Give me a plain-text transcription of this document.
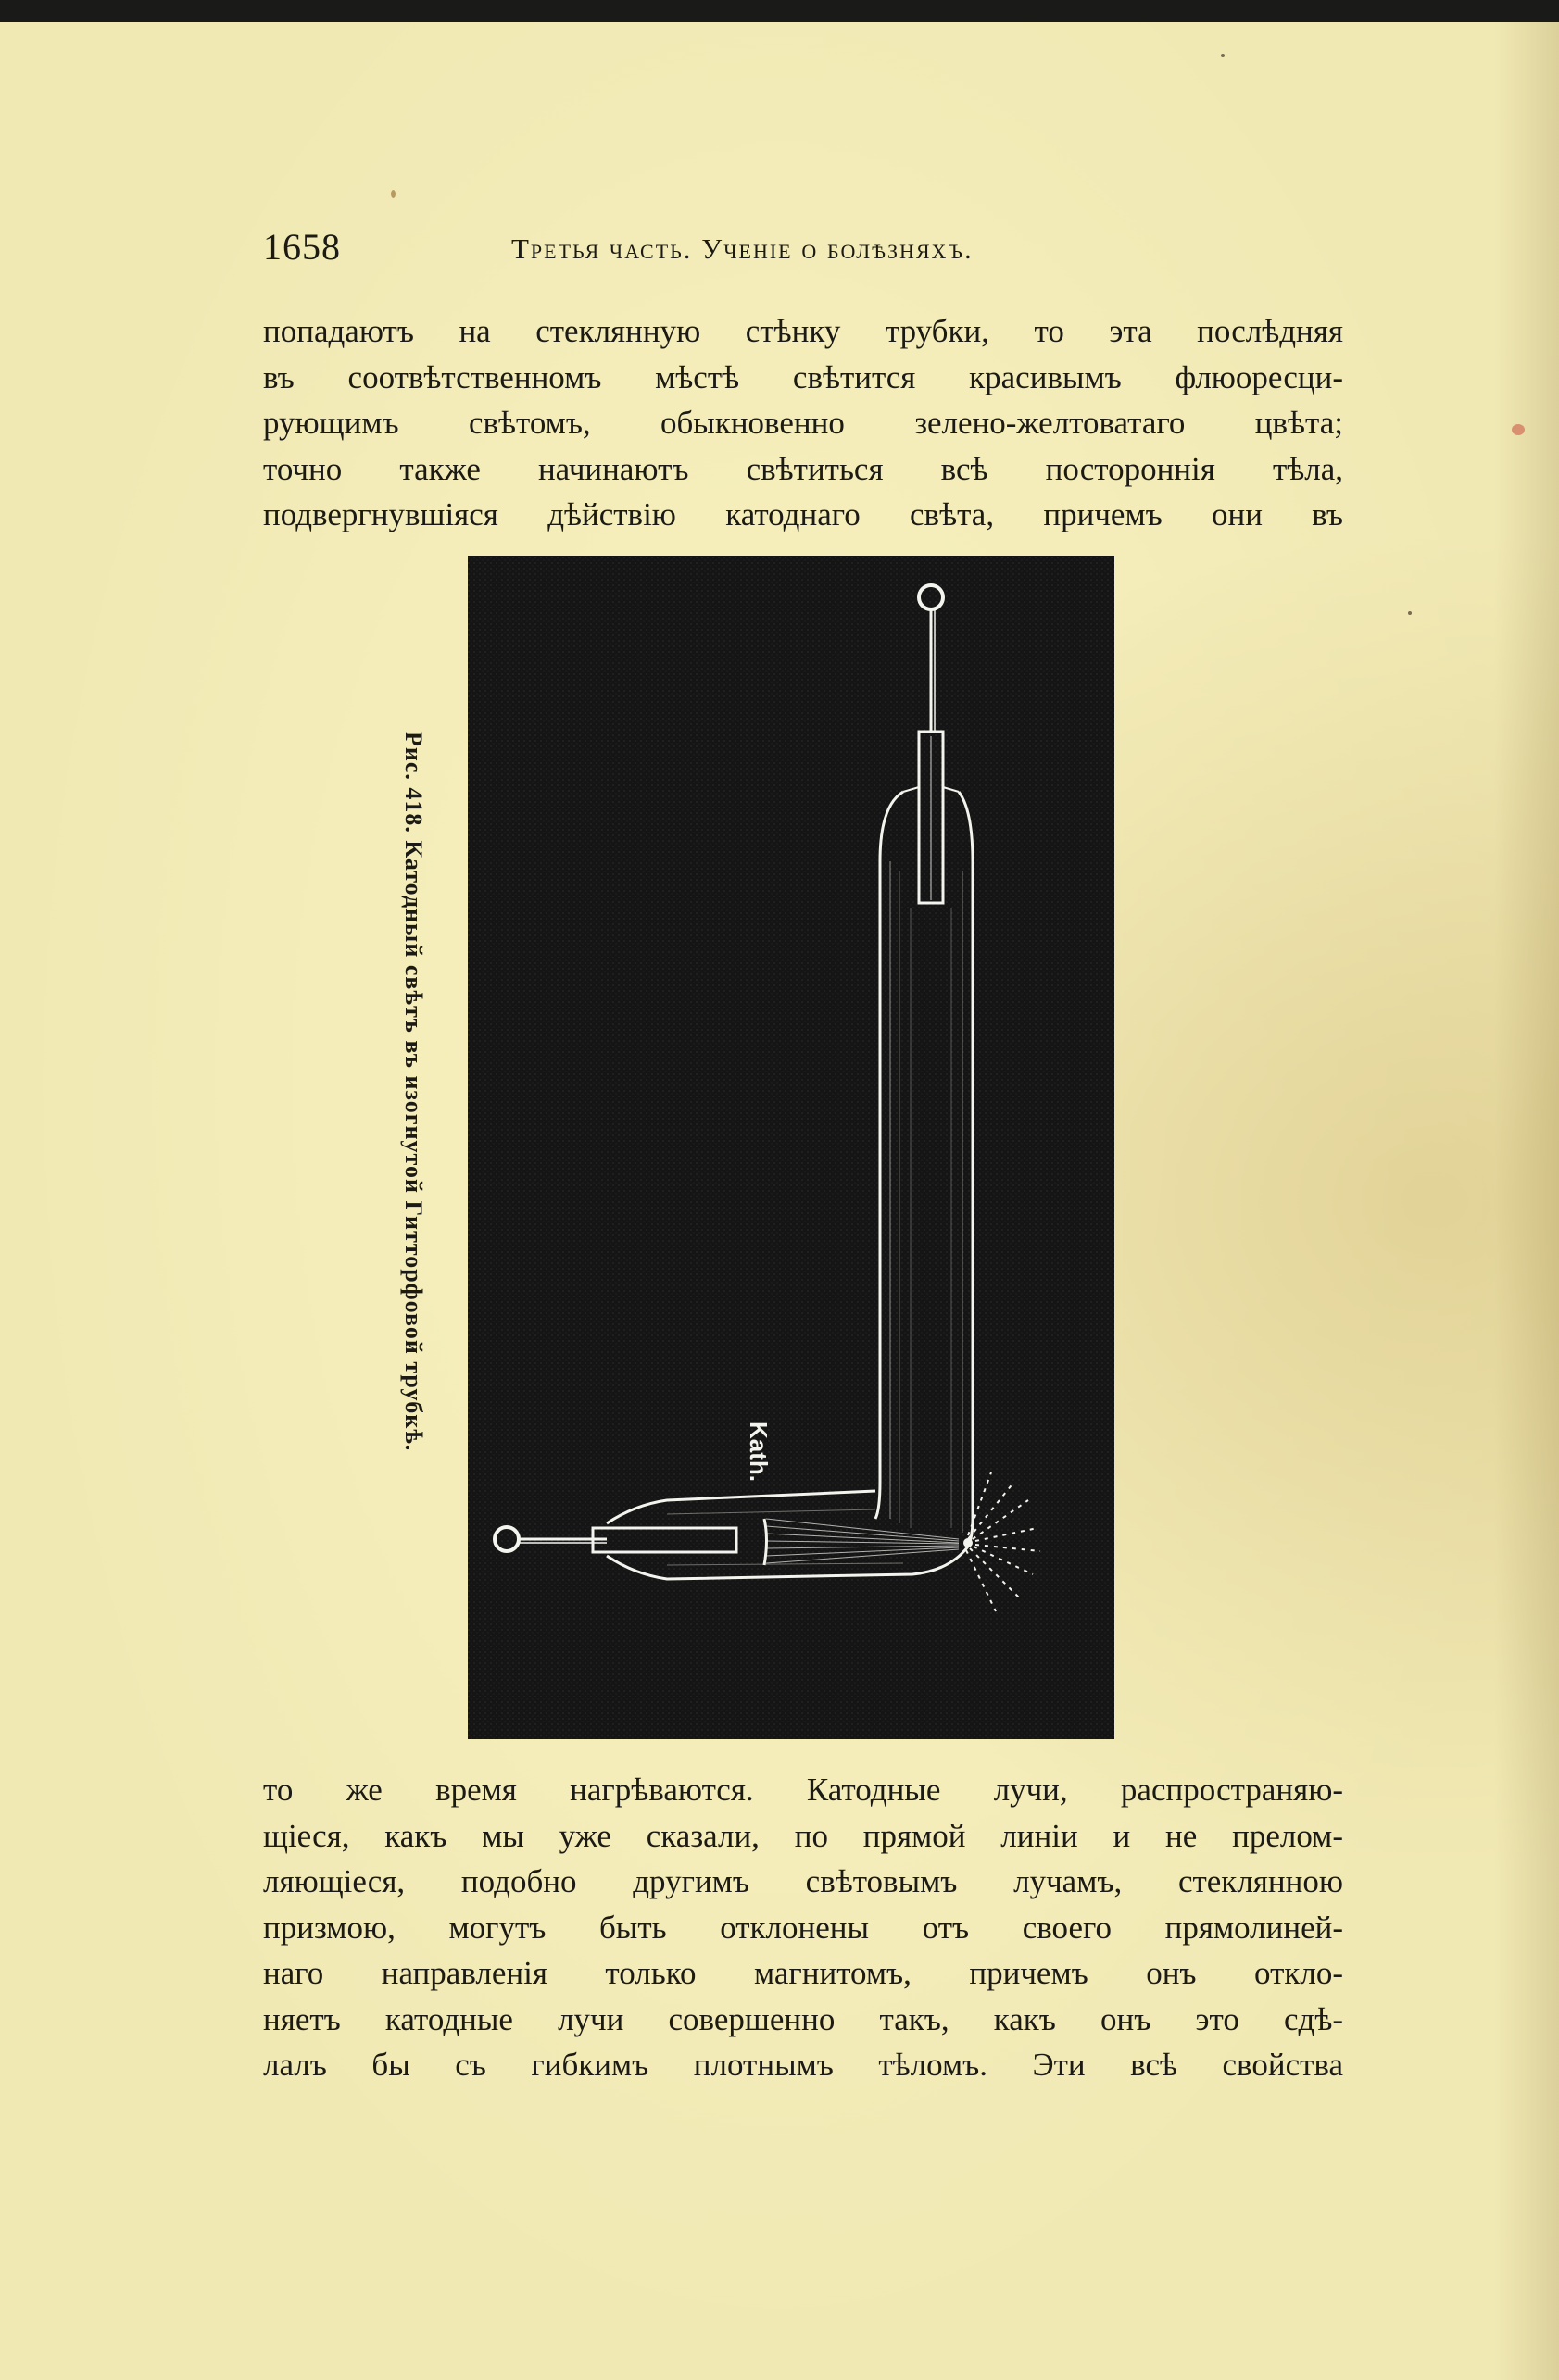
1658	Третья часть. Ученіе о болѣзняхъ.
попадаютъ на стеклянную стѣнку трубки, то эта послѣдняя
въ соотвѣтственномъ мѣстѣ свѣтится красивымъ флюоресци-
рующимъ свѣтомъ, обыкновенно зелено-желтоватаго цвѣта;
точно также начинаютъ свѣтиться всѣ постороннія тѣла,
подвергнувшіяся дѣйствію катоднаго свѣта, причемъ они въ
Рис. 418. Катодный свѣтъ въ изогнутой Гитторфовой трубкѣ.
Kath.
то же время нагрѣваются. Катодные лучи, распространяю-
щіеся, какъ мы уже сказали, по прямой линіи и не прелом-
ляющіеся, подобно другимъ свѣтовымъ лучамъ, стеклянною
призмою, могутъ быть отклонены отъ своего прямолиней-
наго направленія только магнитомъ, причемъ онъ откло-
няетъ катодные лучи совершенно такъ, какъ онъ это сдѣ-
лалъ бы съ гибкимъ плотнымъ тѣломъ. Эти всѣ свойства
